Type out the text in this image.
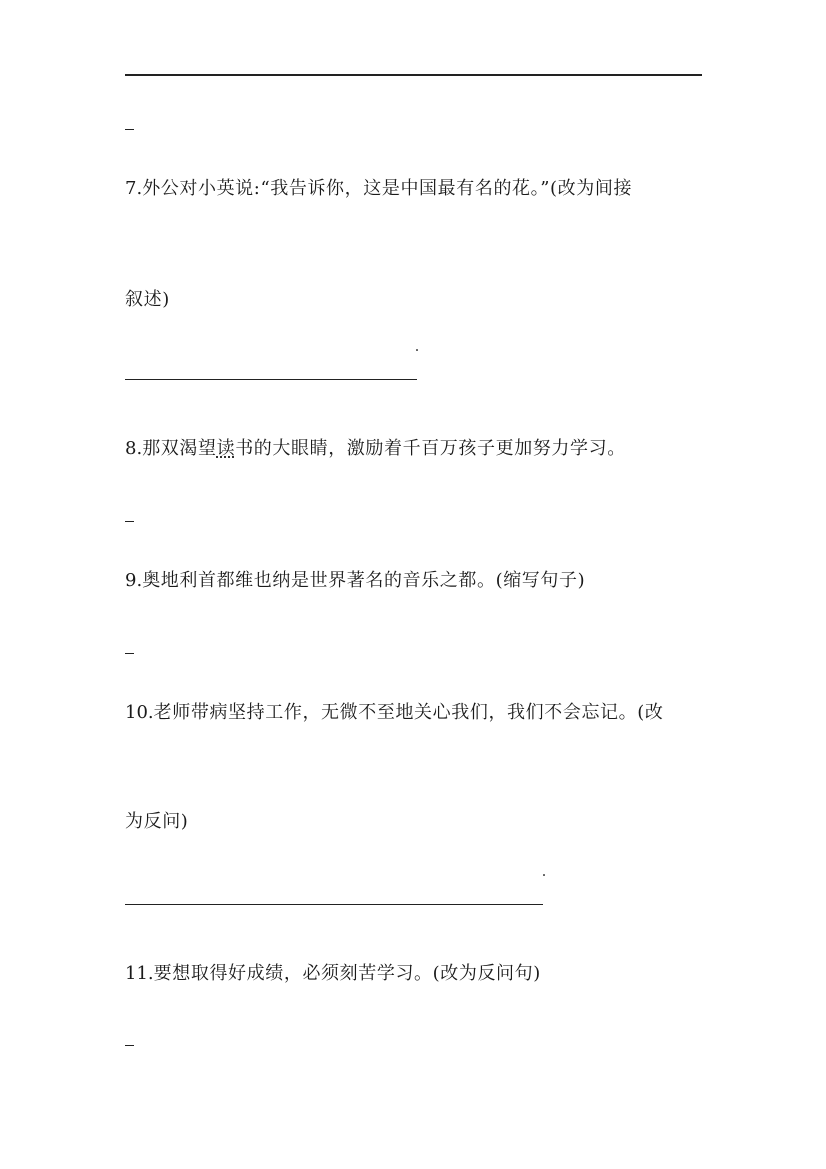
7.外公对小英说:“我告诉你，这是中国最有名的花。”(改为间接
叙述)
8.那双渴望读书的大眼睛，激励着千百万孩子更加努力学习。
9.奥地利首都维也纳是世界著名的音乐之都。(缩写句子)
10.老师带病坚持工作，无微不至地关心我们，我们不会忘记。(改
为反问)
11.要想取得好成绩，必须刻苦学习。(改为反问句)
